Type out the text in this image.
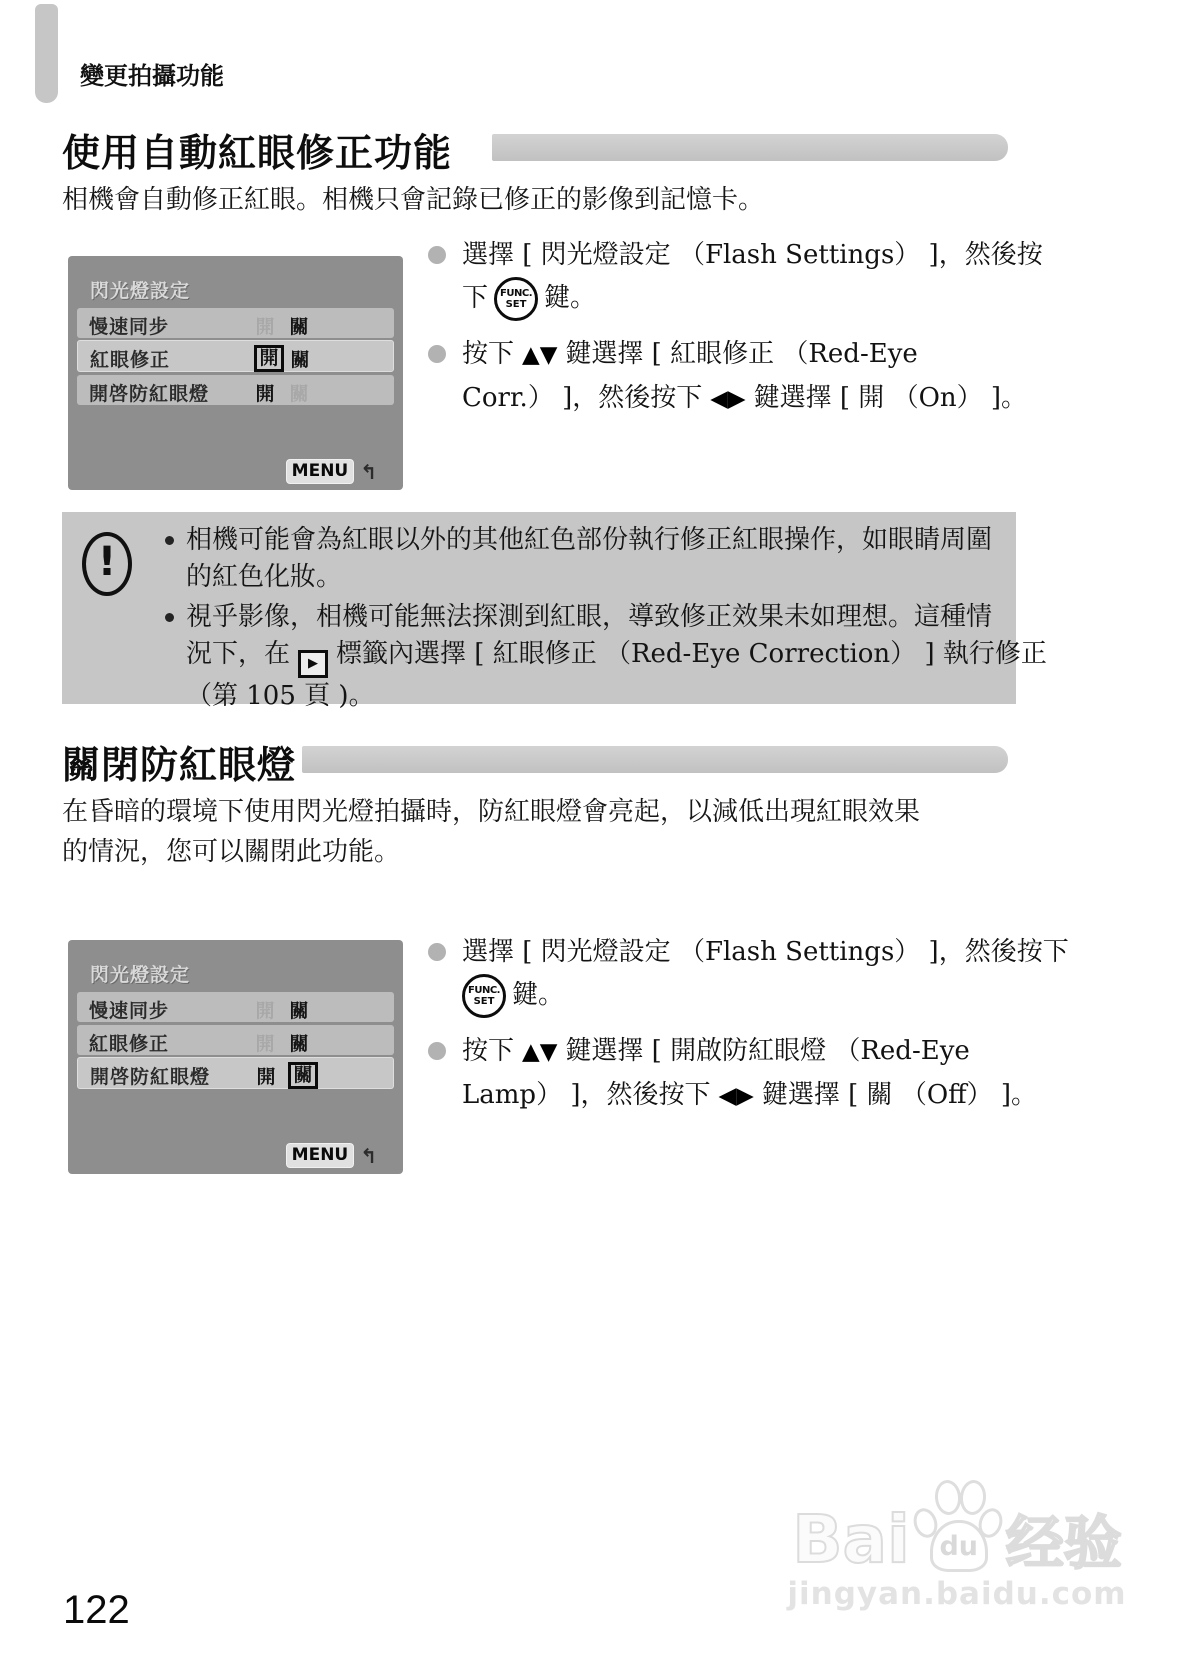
變更拍攝功能
使用自動紅眼修正功能
相機會自動修正紅眼。相機只會記錄已修正的影像到記憶卡。
閃光燈設定
慢速同步	開 關
紅眼修正	開 關
開啓防紅眼燈 開 關
MENU ↰
選擇 [ 閃光燈設定 （Flash Settings） ]，然後按
下 FUNC.
SET 鍵。
按下 ▲▼ 鍵選擇 [ 紅眼修正 （Red-Eye
Corr.） ]，然後按下 ◀▶ 鍵選擇 [ 開 （On） ]。
!	相機可能會為紅眼以外的其他紅色部份執行修正紅眼操作，如眼睛周圍
的紅色化妝。
視乎影像，相機可能無法探測到紅眼，導致修正效果未如理想。這種情
況下，在 ▶ 標籤內選擇 [ 紅眼修正 （Red-Eye Correction） ] 執行修正
（第 105 頁 )。
關閉防紅眼燈
在昏暗的環境下使用閃光燈拍攝時，防紅眼燈會亮起，以減低出現紅眼效果
的情況，您可以關閉此功能。
閃光燈設定
慢速同步	開 關
紅眼修正	開 關
開啓防紅眼燈 開 關
MENU ↰
選擇 [ 閃光燈設定 （Flash Settings） ]，然後按下
FUNC.
SET 鍵。
按下 ▲▼ 鍵選擇 [ 開啟防紅眼燈 （Red-Eye
Lamp） ]，然後按下 ◀▶ 鍵選擇 [ 關 （Off） ]。
122
Bai du 经验
jingyan.baidu.com
